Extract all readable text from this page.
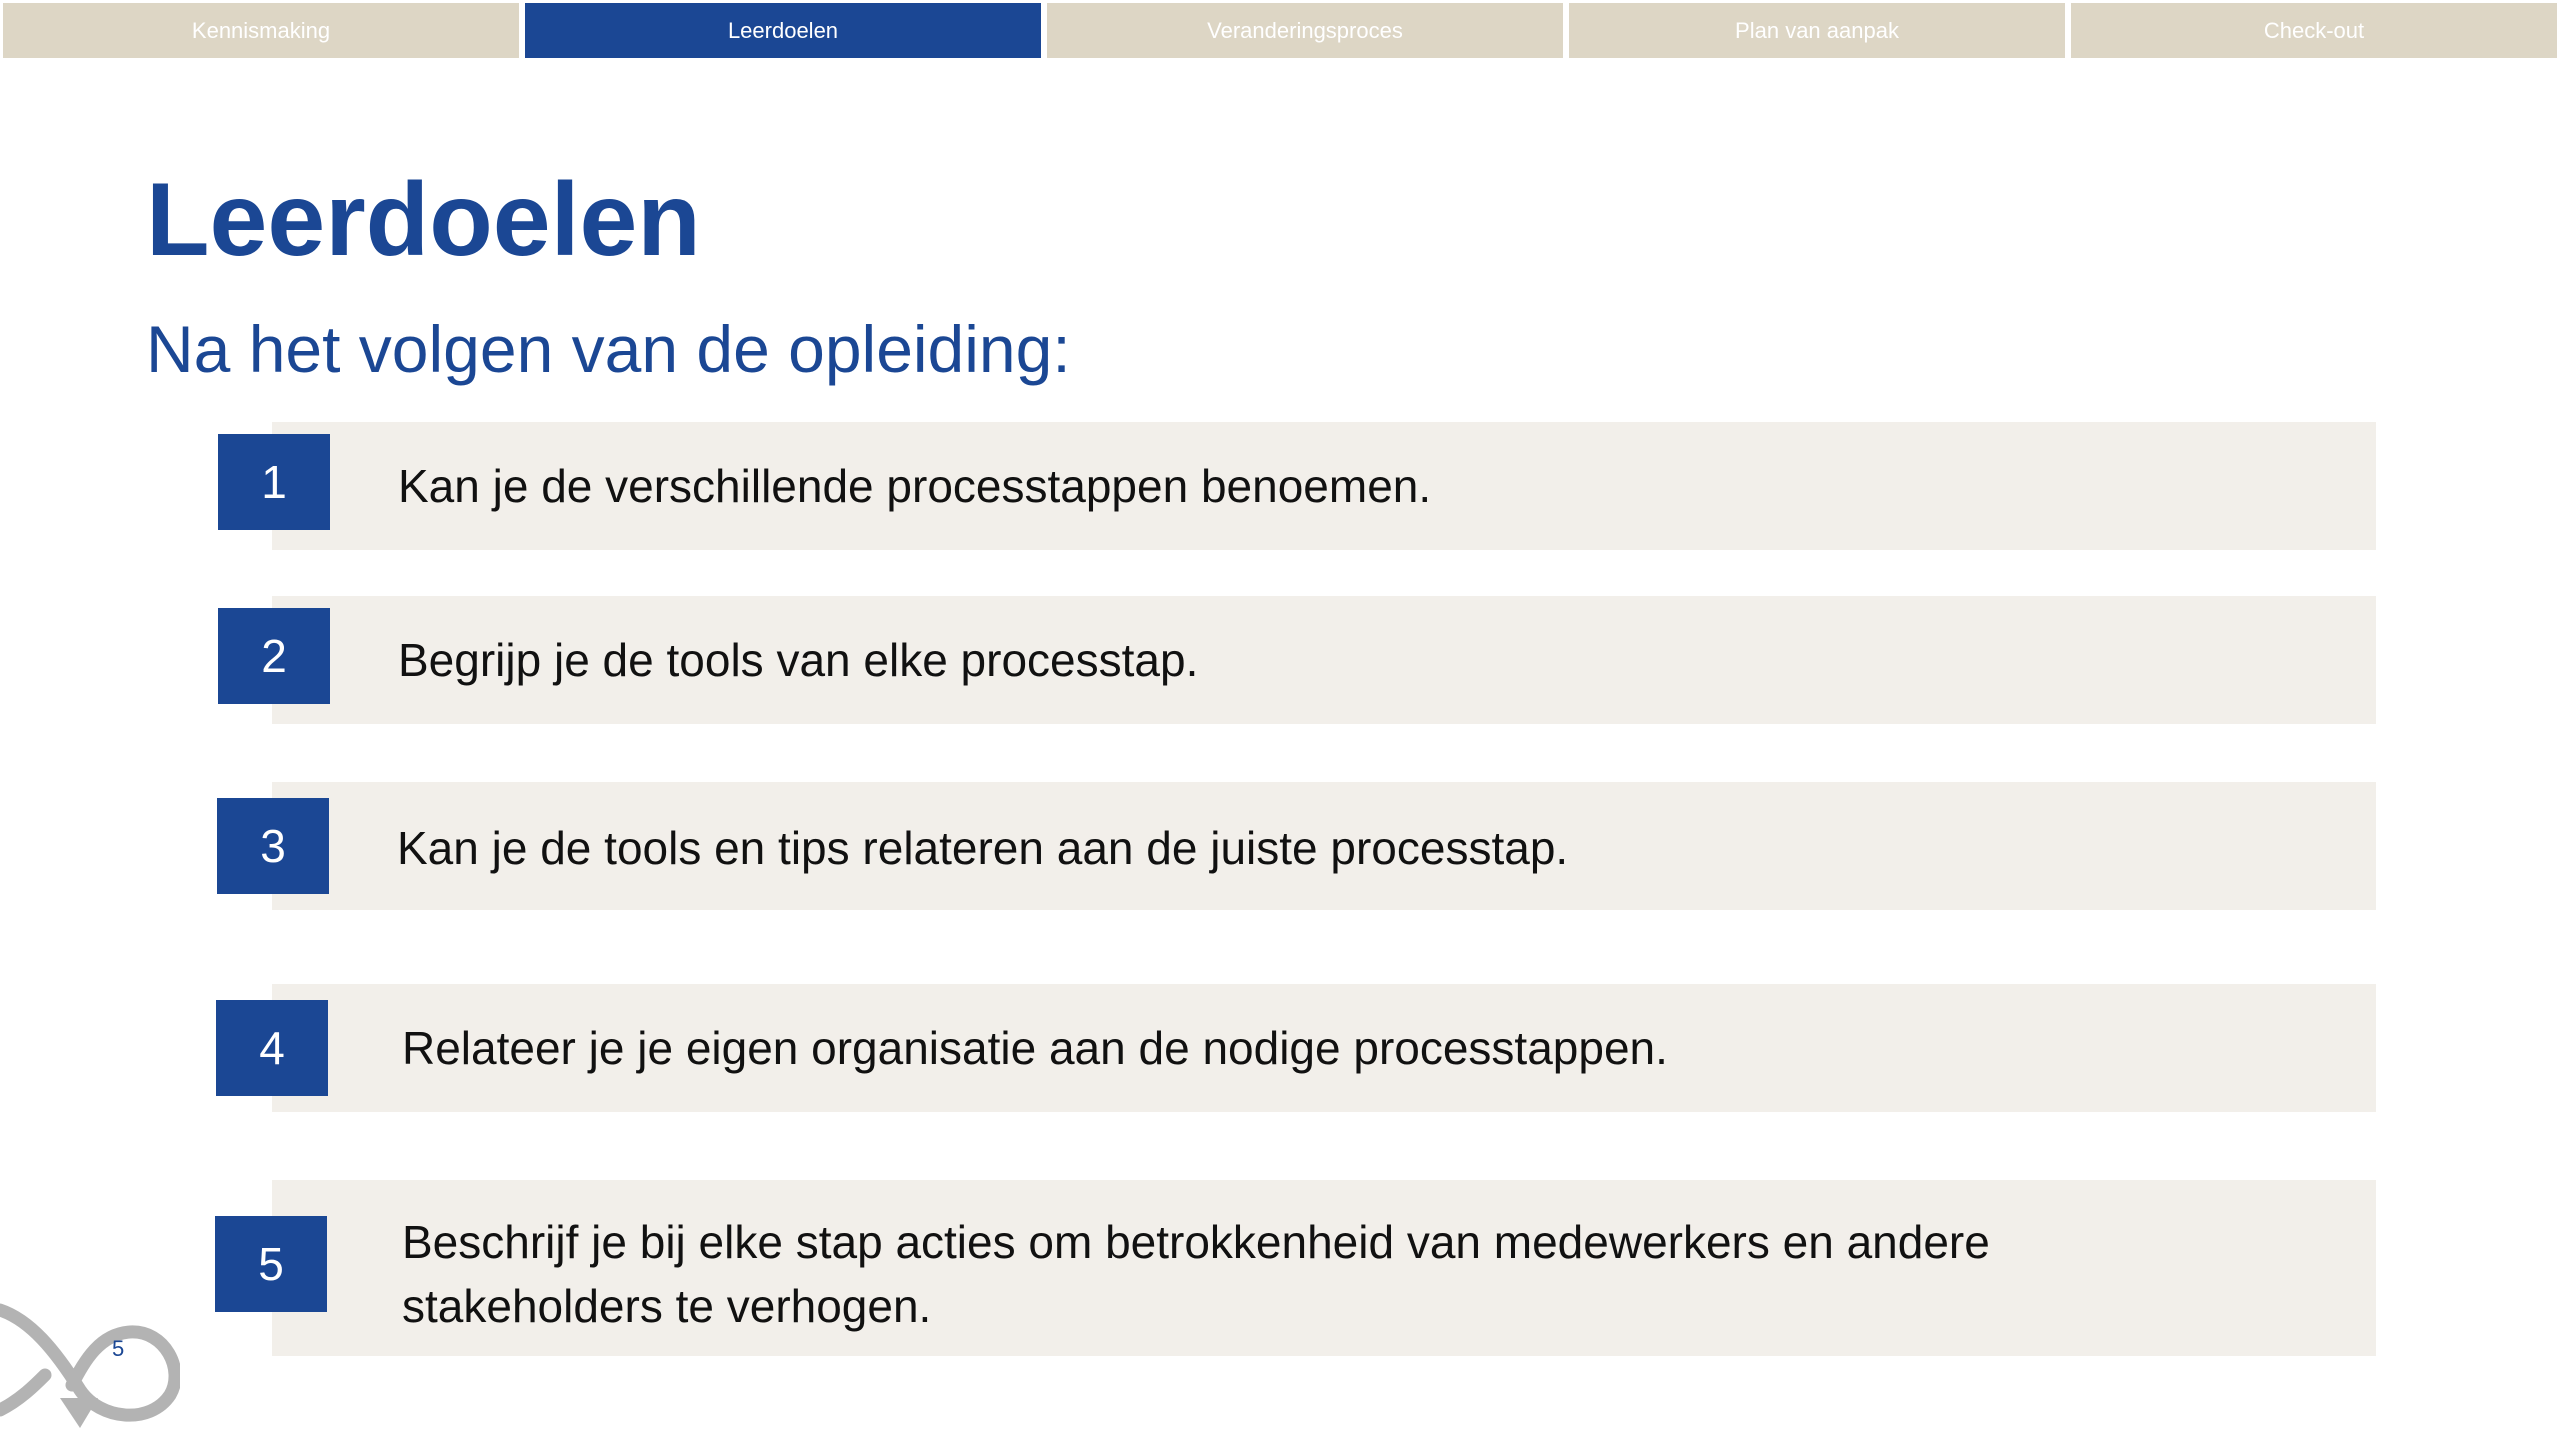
Kennismaking	Leerdoelen	Veranderingsproces	Plan van aanpak	Check-out
Leerdoelen
Na het volgen van de opleiding:
1	Kan je de verschillende processtappen benoemen.
2	Begrijp je de tools van elke processtap.
3	Kan je de tools en tips relateren aan de juiste processtap.
4	Relateer je je eigen organisatie aan de nodige processtappen.
5	Beschrijf je bij elke stap acties om betrokkenheid van medewerkers en andere stakeholders te verhogen.
5
